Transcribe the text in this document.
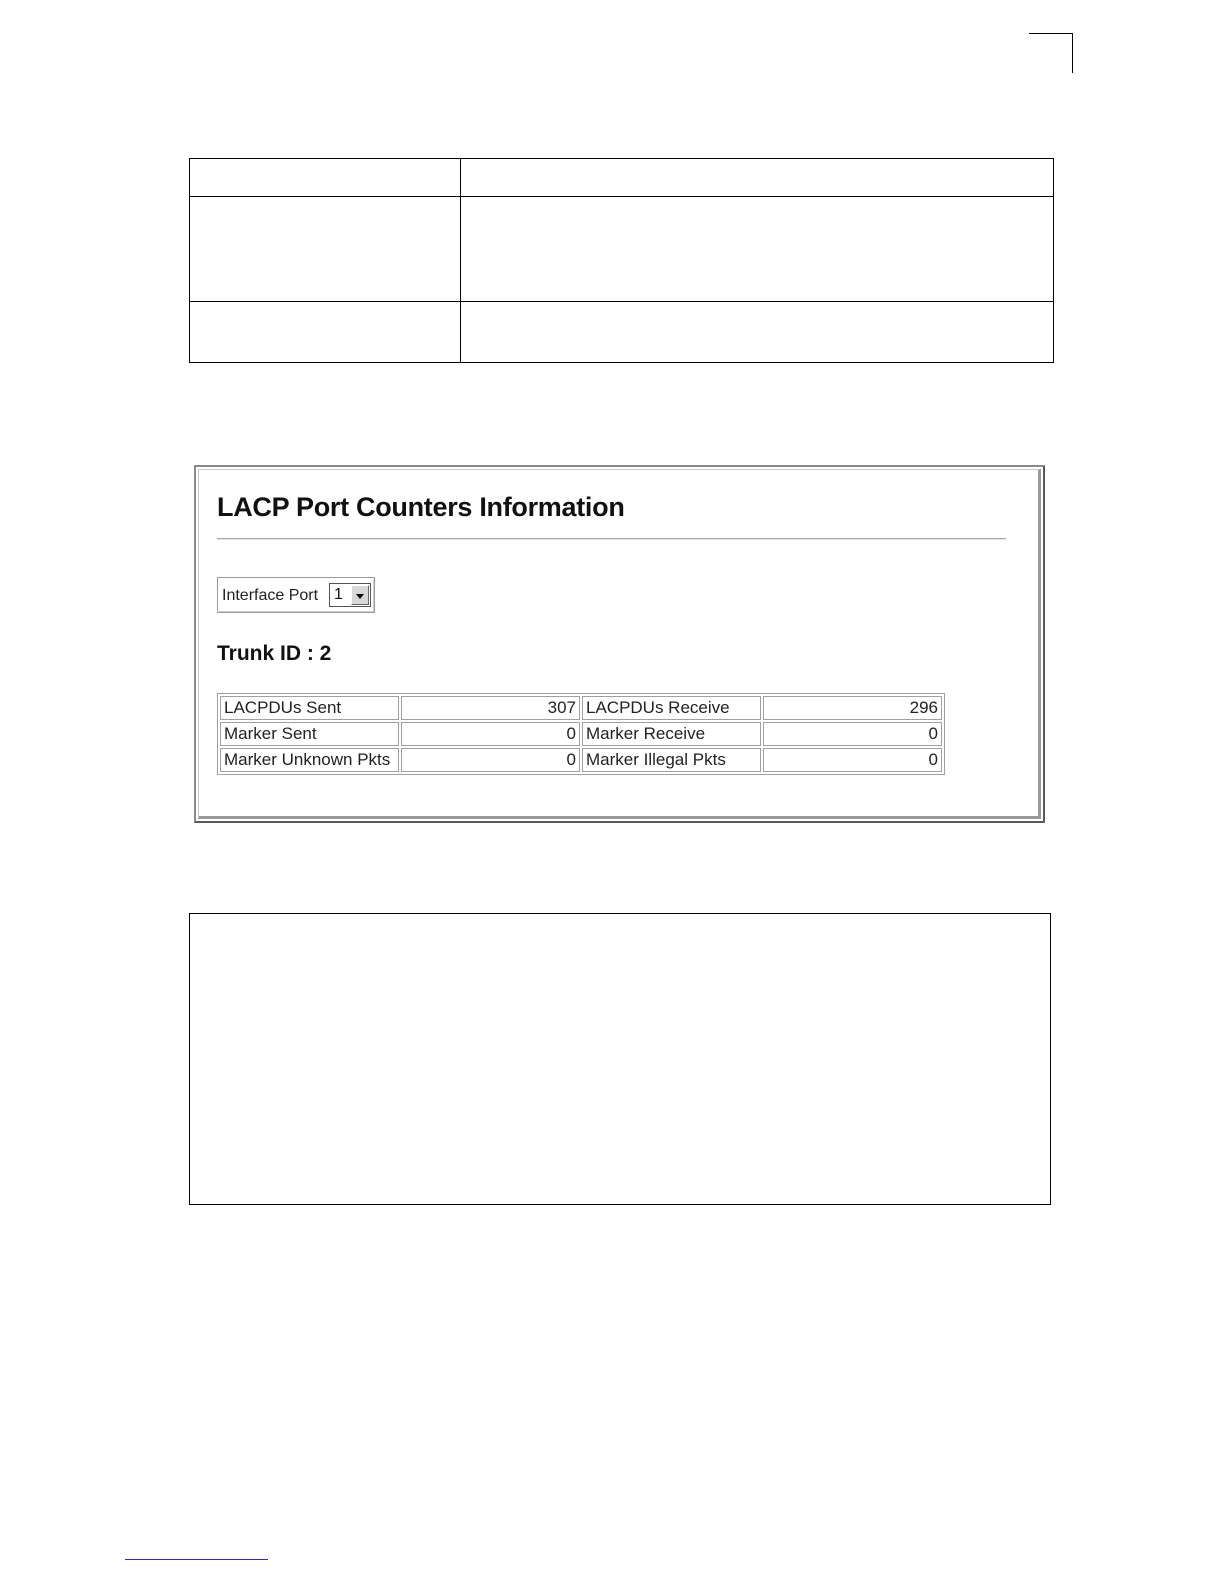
LACP Port Counters Information
Interface Port 1
Trunk ID : 2
LACPDUs Sent	307	LACPDUs Receive	296
Marker Sent	0	Marker Receive	0
Marker Unknown Pkts	0	Marker Illegal Pkts	0
